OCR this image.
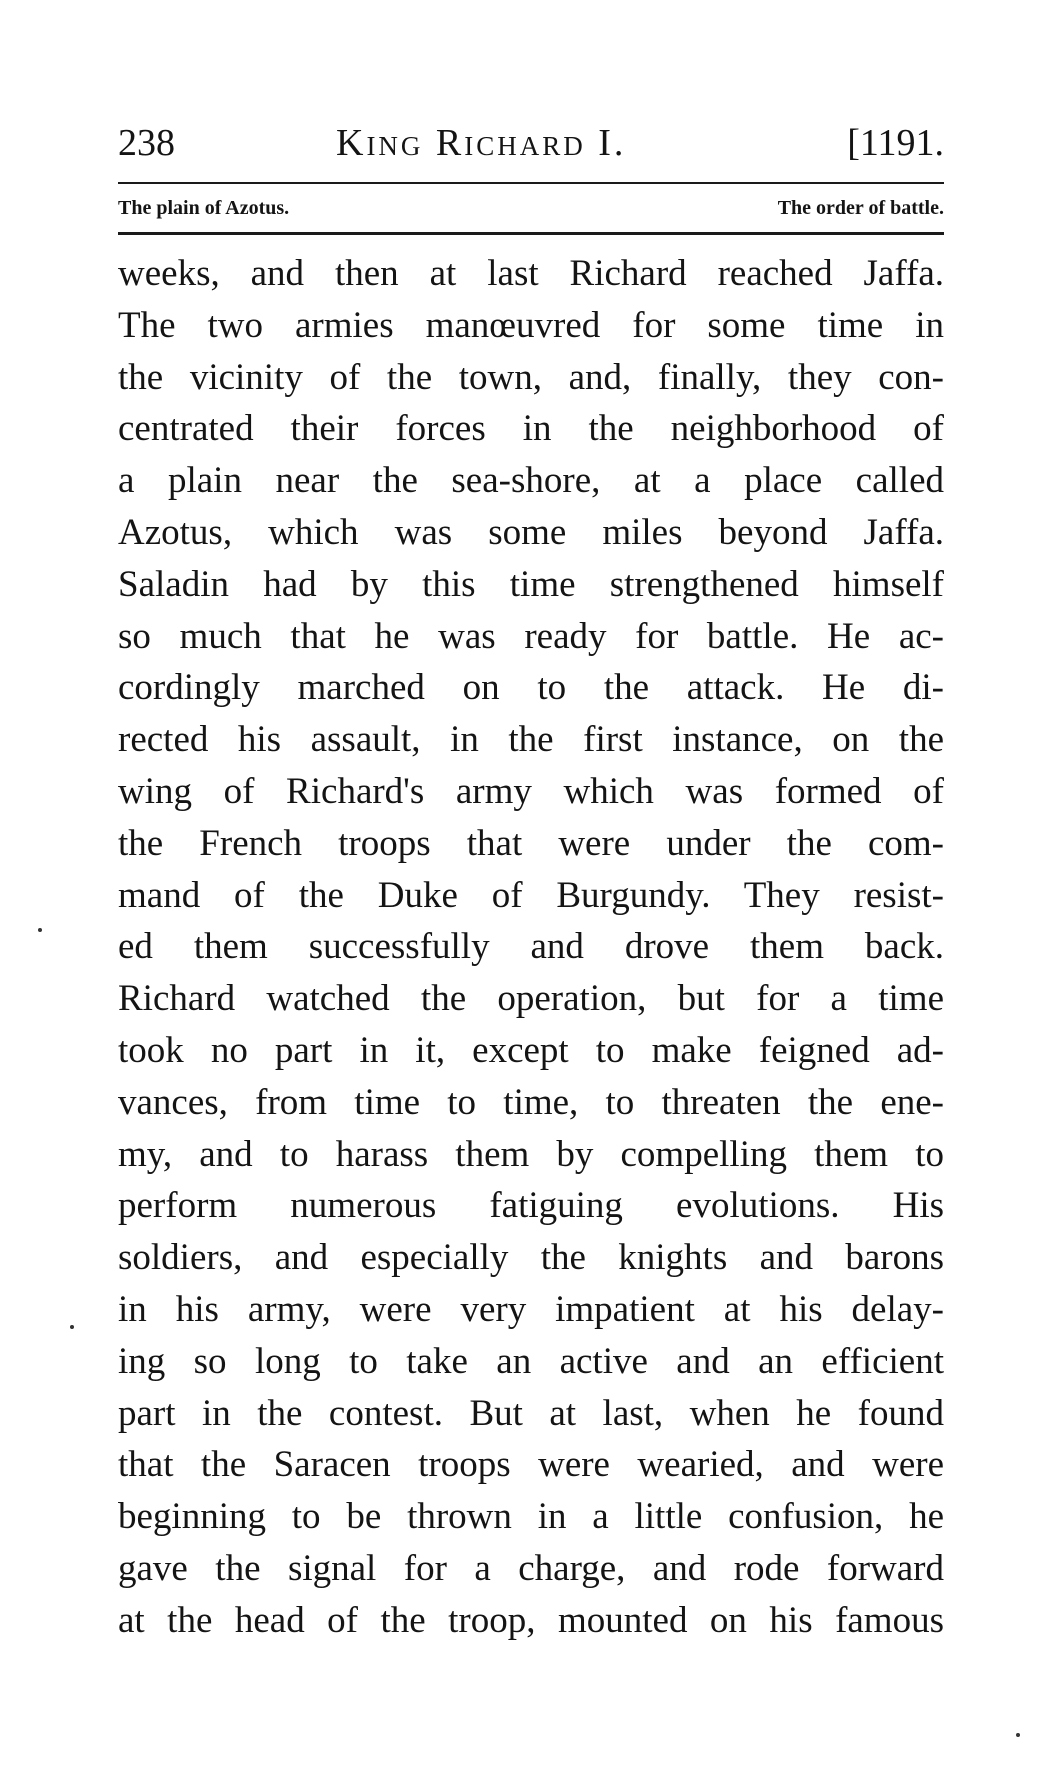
238	King Richard I.	[1191.
The plain of Azotus.	The order of battle.
weeks, and then at last Richard reached Jaffa.
The two armies manœuvred for some time in
the vicinity of the town, and, finally, they con-
centrated their forces in the neighborhood of
a plain near the sea-shore, at a place called
Azotus, which was some miles beyond Jaffa.
Saladin had by this time strengthened himself
so much that he was ready for battle. He ac-
cordingly marched on to the attack. He di-
rected his assault, in the first instance, on the
wing of Richard's army which was formed of
the French troops that were under the com-
mand of the Duke of Burgundy. They resist-
ed them successfully and drove them back.
Richard watched the operation, but for a time
took no part in it, except to make feigned ad-
vances, from time to time, to threaten the ene-
my, and to harass them by compelling them to
perform numerous fatiguing evolutions. His
soldiers, and especially the knights and barons
in his army, were very impatient at his delay-
ing so long to take an active and an efficient
part in the contest. But at last, when he found
that the Saracen troops were wearied, and were
beginning to be thrown in a little confusion, he
gave the signal for a charge, and rode forward
at the head of the troop, mounted on his famous
